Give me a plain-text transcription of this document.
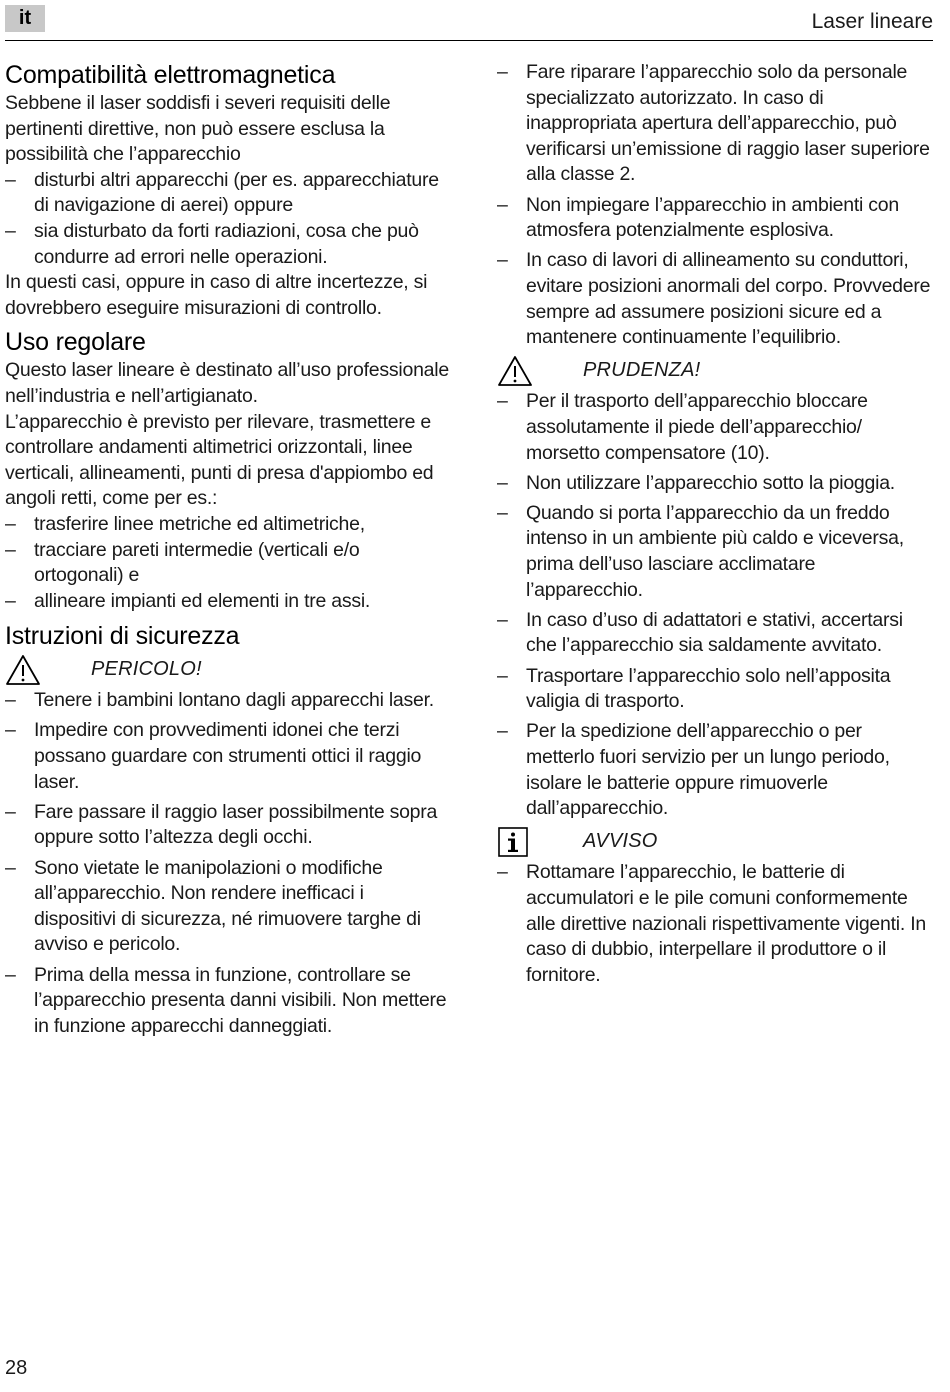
it	Laser lineare
Compatibilità elettromagnetica

Sebbene il laser soddisfi i severi requisiti delle pertinenti direttive, non può essere esclusa la possibilità che l’apparecchio

– disturbi altri apparecchi (per es. apparecchiature di navigazione di aerei) oppure
– sia disturbato da forti radiazioni, cosa che può condurre ad errori nelle operazioni.

In questi casi, oppure in caso di altre incertezze, si dovrebbero eseguire misurazioni di controllo.

Uso regolare

Questo laser lineare è destinato all’uso professionale nell’industria e nell’artigianato.

L’apparecchio è previsto per rilevare, trasmettere e controllare andamenti altimetrici orizzontali, linee verticali, allineamenti, punti di presa d'appiombo ed angoli retti, come per es.:

– trasferire linee metriche ed altimetriche,
– tracciare pareti intermedie (verticali e/o ortogonali) e
– allineare impianti ed elementi in tre assi.
Istruzioni di sicurezza
PERICOLO!
– Tenere i bambini lontano dagli apparecchi laser.
– Impedire con provvedimenti idonei che terzi possano guardare con strumenti ottici il raggio laser.
– Fare passare il raggio laser possibilmente sopra oppure sotto l’altezza degli occhi.
– Sono vietate le manipolazioni o modifiche all’apparecchio. Non rendere inefficaci i dispositivi di sicurezza, né rimuovere targhe di avviso e pericolo.
– Prima della messa in funzione, controllare se l’apparecchio presenta danni visibili. Non mettere in funzione apparecchi danneggiati.
– Fare riparare l’apparecchio solo da personale specializzato autorizzato. In caso di inappropriata apertura dell’apparecchio, può verificarsi un’emissione di raggio laser superiore alla classe 2.
– Non impiegare l’apparecchio in ambienti con atmosfera potenzialmente esplosiva.
– In caso di lavori di allineamento su conduttori, evitare posizioni anormali del corpo. Provvedere sempre ad assumere posizioni sicure ed a mantenere continuamente l’equilibrio.
PRUDENZA!
– Per il trasporto dell’apparecchio bloccare assolutamente il piede dell’apparecchio/ morsetto compensatore (10).
– Non utilizzare l’apparecchio sotto la pioggia.
– Quando si porta l’apparecchio da un freddo intenso in un ambiente più caldo e viceversa, prima dell’uso lasciare acclimatare l’apparecchio.
– In caso d’uso di adattatori e stativi, accertarsi che l’apparecchio sia saldamente avvitato.
– Trasportare l’apparecchio solo nell’apposita valigia di trasporto.
– Per la spedizione dell’apparecchio o per metterlo fuori servizio per un lungo periodo, isolare le batterie oppure rimuoverle dall’apparecchio.
AVVISO
– Rottamare l’apparecchio, le batterie di accumulatori e le pile comuni conformemente alle direttive nazionali rispettivamente vigenti. In caso di dubbio, interpellare il produttore o il fornitore.
28
